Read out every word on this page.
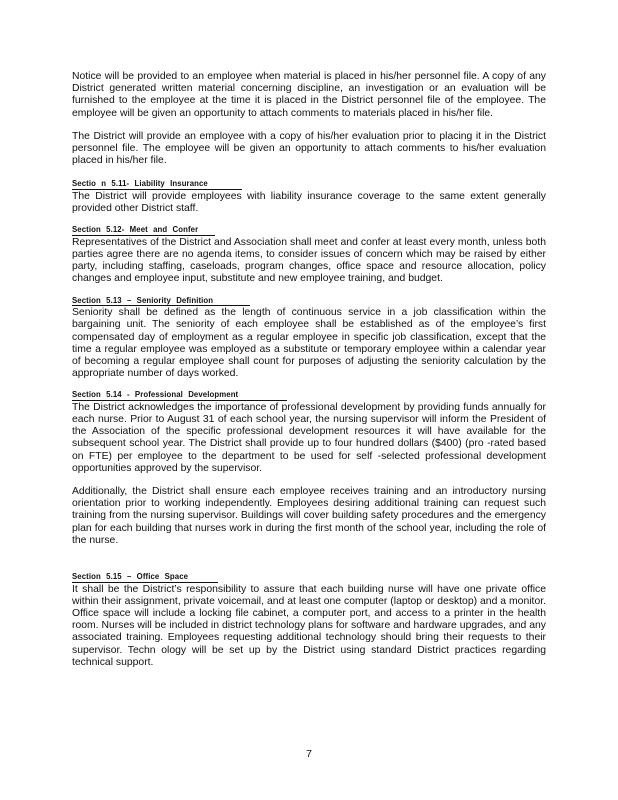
Notice will be provided to an employee when material is placed in his/her personnel file. A copy of any District generated written material concerning discipline, an investigation or an evaluation will be furnished to the employee at the time it is placed in the District personnel file of the employee. The employee will be given an opportunity to attach comments to materials placed in his/her file.

The District will provide an employee with a copy of his/her evaluation prior to placing it in the District personnel file. The employee will be given an opportunity to attach comments to his/her evaluation placed in his/her file.

Sectio n 5.11- Liability Insurance

The District will provide employees with liability insurance coverage to the same extent generally provided other District staff.

Section 5.12- Meet and Confer

Representatives of the District and Association shall meet and confer at least every month, unless both parties agree there are no agenda items, to consider issues of concern which may be raised by either party, including staffing, caseloads, program changes, office space and resource allocation, policy changes and employee input, substitute and new employee training, and budget.

Section 5.13 – Seniority Definition

Seniority shall be defined as the length of continuous service in a job classification within the bargaining unit. The seniority of each employee shall be established as of the employee’s first compensated day of employment as a regular employee in specific job classification, except that the time a regular employee was employed as a substitute or temporary employee within a calendar year of becoming a regular employee shall count for purposes of adjusting the seniority calculation by the appropriate number of days worked.

Section 5.14 - Professional Development

The District acknowledges the importance of professional development by providing funds annually for each nurse. Prior to August 31 of each school year, the nursing supervisor will inform the President of the Association of the specific professional development resources it will have available for the subsequent school year. The District shall provide up to four hundred dollars ($400) (pro -rated based on FTE) per employee to the department to be used for self -selected professional development opportunities approved by the supervisor.

Additionally, the District shall ensure each employee receives training and an introductory nursing orientation prior to working independently. Employees desiring additional training can request such training from the nursing supervisor. Buildings will cover building safety procedures and the emergency plan for each building that nurses work in during the first month of the school year, including the role of the nurse.

Section 5.15 – Office Space

It shall be the District’s responsibility to assure that each building nurse will have one private office within their assignment, private voicemail, and at least one computer (laptop or desktop) and a monitor. Office space will include a locking file cabinet, a computer port, and access to a printer in the health room. Nurses will be included in district technology plans for software and hardware upgrades, and any associated training. Employees requesting additional technology should bring their requests to their supervisor. Techn ology will be set up by the District using standard District practices regarding technical support.

7
